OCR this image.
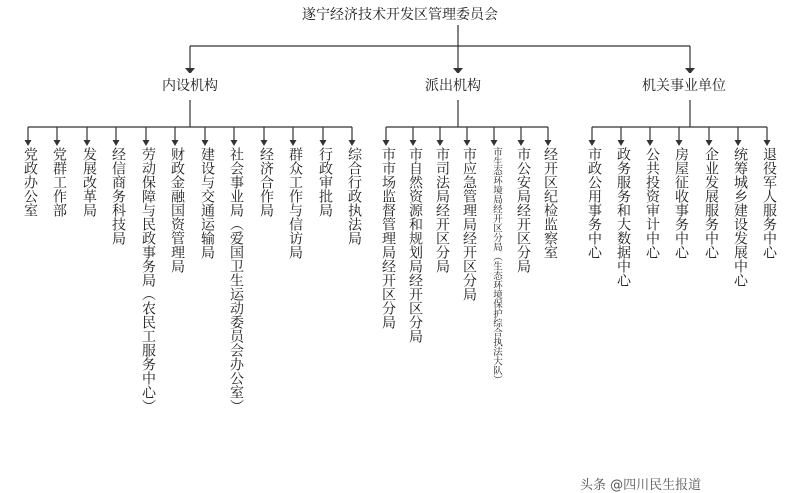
遂宁经济技术开发区管理委员会
内设机构	派出机构	机关事业单位
党政办公室 党群工作部 发展改革局 经信商务科技局 劳动保障与民政事务局（农民工服务中心） 财政金融国资管理局 建设与交通运输局 社会事业局（爱国卫生运动委员会办公室） 经济合作局 群众工作与信访局 行政审批局 综合行政执法局 市市场监督管理局经开区分局 市自然资源和规划局经开区分局 市司法局经开区分局 市应急管理局经开区分局	市生态环境局经开区分局（生态环境保护综合执法大队） 市公安局经开区分局 经开区纪检监察室 市政公用事务中心 政务服务和大数据中心 公共投资审计中心 房屋征收事务中心 企业发展服务中心 统筹城乡建设发展中心 退役军人服务中心
头条 @四川民生报道
